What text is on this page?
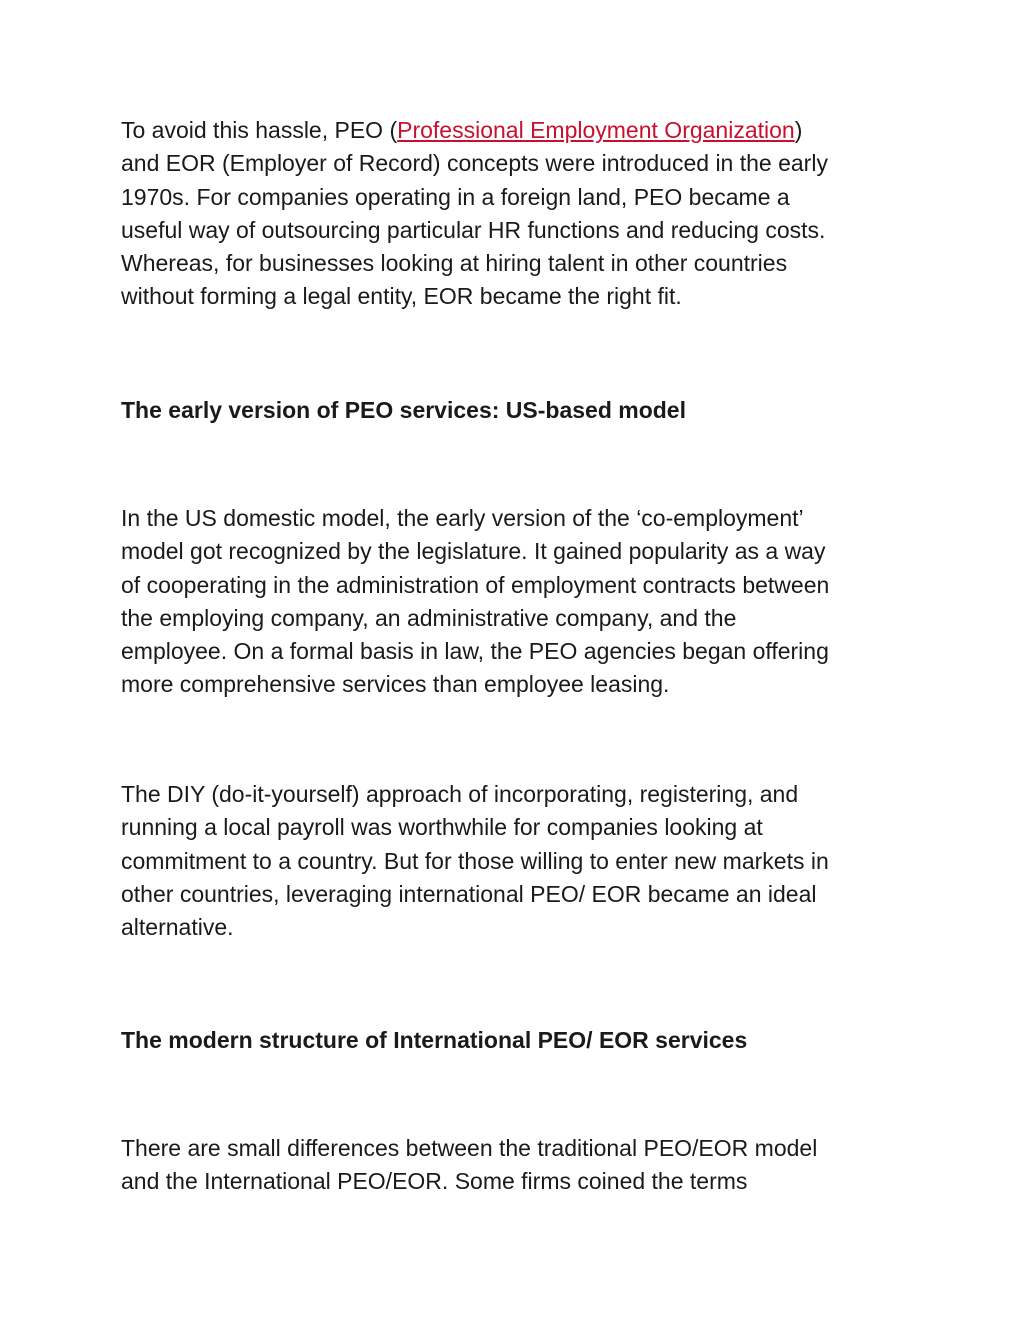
To avoid this hassle, PEO (Professional Employment Organization)
and EOR (Employer of Record) concepts were introduced in the early
1970s. For companies operating in a foreign land, PEO became a
useful way of outsourcing particular HR functions and reducing costs.
Whereas, for businesses looking at hiring talent in other countries
without forming a legal entity, EOR became the right fit.

The early version of PEO services: US-based model

In the US domestic model, the early version of the ‘co-employment’
model got recognized by the legislature. It gained popularity as a way
of cooperating in the administration of employment contracts between
the employing company, an administrative company, and the
employee. On a formal basis in law, the PEO agencies began offering
more comprehensive services than employee leasing.

The DIY (do-it-yourself) approach of incorporating, registering, and
running a local payroll was worthwhile for companies looking at
commitment to a country. But for those willing to enter new markets in
other countries, leveraging international PEO/ EOR became an ideal
alternative.

The modern structure of International PEO/ EOR services

There are small differences between the traditional PEO/EOR model
and the International PEO/EOR. Some firms coined the terms
